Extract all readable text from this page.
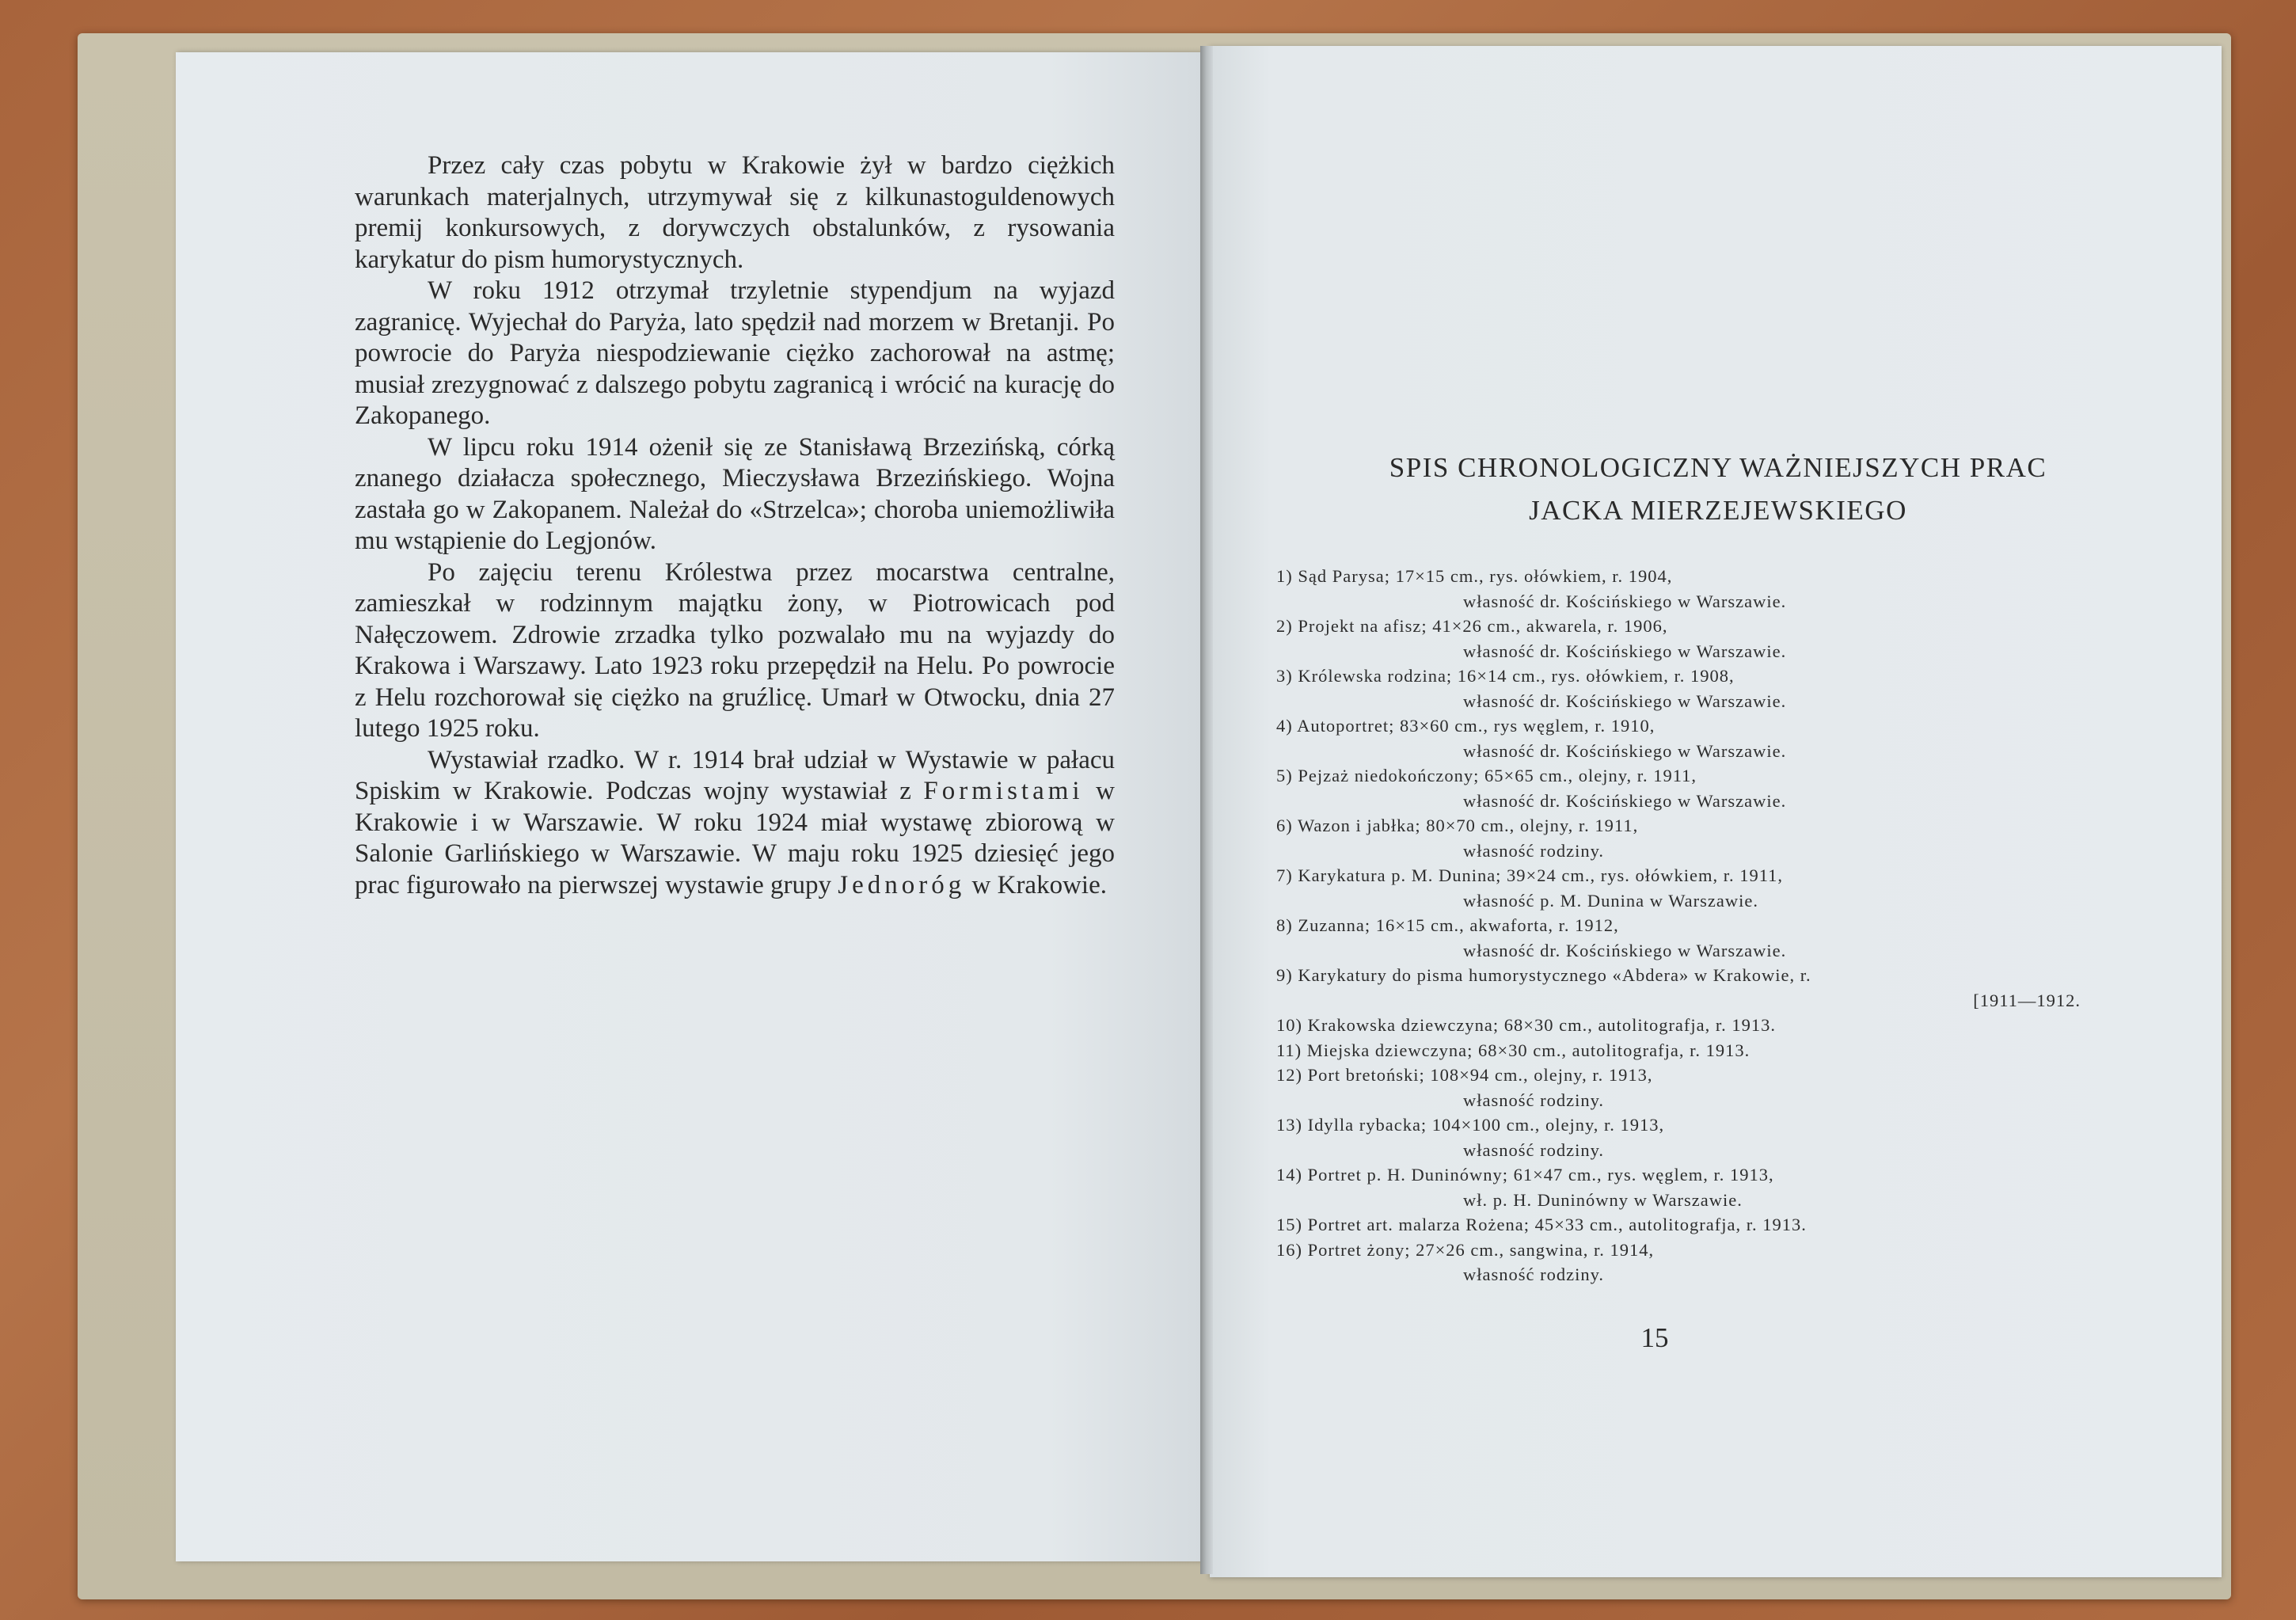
Przez cały czas pobytu w Krakowie żył w bardzo ciężkich warunkach materjalnych, utrzymywał się z kilkunastoguldenowych premij konkursowych, z dorywczych obstalunków, z rysowania karykatur do pism humorystycznych.

W roku 1912 otrzymał trzyletnie stypendjum na wyjazd zagranicę. Wyjechał do Paryża, lato spędził nad morzem w Bretanji. Po powrocie do Paryża niespodziewanie ciężko zachorował na astmę; musiał zrezygnować z dalszego pobytu zagranicą i wrócić na kurację do Zakopanego.

W lipcu roku 1914 ożenił się ze Stanisławą Brzezińską, córką znanego działacza społecznego, Mieczysława Brzezińskiego. Wojna zastała go w Zakopanem. Należał do «Strzelca»; choroba uniemożliwiła mu wstąpienie do Legjonów.

Po zajęciu terenu Królestwa przez mocarstwa centralne, zamieszkał w rodzinnym majątku żony, w Piotrowicach pod Nałęczowem. Zdrowie zrzadka tylko pozwalało mu na wyjazdy do Krakowa i Warszawy. Lato 1923 roku przepędził na Helu. Po powrocie z Helu rozchorował się ciężko na gruźlicę. Umarł w Otwocku, dnia 27 lutego 1925 roku.

Wystawiał rzadko. W r. 1914 brał udział w Wystawie w pałacu Spiskim w Krakowie. Podczas wojny wystawiał z Formistami w Krakowie i w Warszawie. W roku 1924 miał wystawę zbiorową w Salonie Garlińskiego w Warszawie. W maju roku 1925 dziesięć jego prac figurowało na pierwszej wystawie grupy Jednoróg w Krakowie.

SPIS CHRONOLOGICZNY WAŻNIEJSZYCH PRAC
JACKA MIERZEJEWSKIEGO
1) Sąd Parysa; 17×15 cm., rys. ołówkiem, r. 1904,
własność dr. Kościńskiego w Warszawie.
2) Projekt na afisz; 41×26 cm., akwarela, r. 1906,
własność dr. Kościńskiego w Warszawie.
3) Królewska rodzina; 16×14 cm., rys. ołówkiem, r. 1908,
własność dr. Kościńskiego w Warszawie.
4) Autoportret; 83×60 cm., rys węglem, r. 1910,
własność dr. Kościńskiego w Warszawie.
5) Pejzaż niedokończony; 65×65 cm., olejny, r. 1911,
własność dr. Kościńskiego w Warszawie.
6) Wazon i jabłka; 80×70 cm., olejny, r. 1911,
własność rodziny.
7) Karykatura p. M. Dunina; 39×24 cm., rys. ołówkiem, r. 1911,
własność p. M. Dunina w Warszawie.
8) Zuzanna; 16×15 cm., akwaforta, r. 1912,
własność dr. Kościńskiego w Warszawie.
9) Karykatury do pisma humorystycznego «Abdera» w Krakowie, r.
[1911—1912.
10) Krakowska dziewczyna; 68×30 cm., autolitografja, r. 1913.
11) Miejska dziewczyna; 68×30 cm., autolitografja, r. 1913.
12) Port bretoński; 108×94 cm., olejny, r. 1913,
własność rodziny.
13) Idylla rybacka; 104×100 cm., olejny, r. 1913,
własność rodziny.
14) Portret p. H. Duninówny; 61×47 cm., rys. węglem, r. 1913,
wł. p. H. Duninówny w Warszawie.
15) Portret art. malarza Rożena; 45×33 cm., autolitografja, r. 1913.
16) Portret żony; 27×26 cm., sangwina, r. 1914,
własność rodziny.
15
